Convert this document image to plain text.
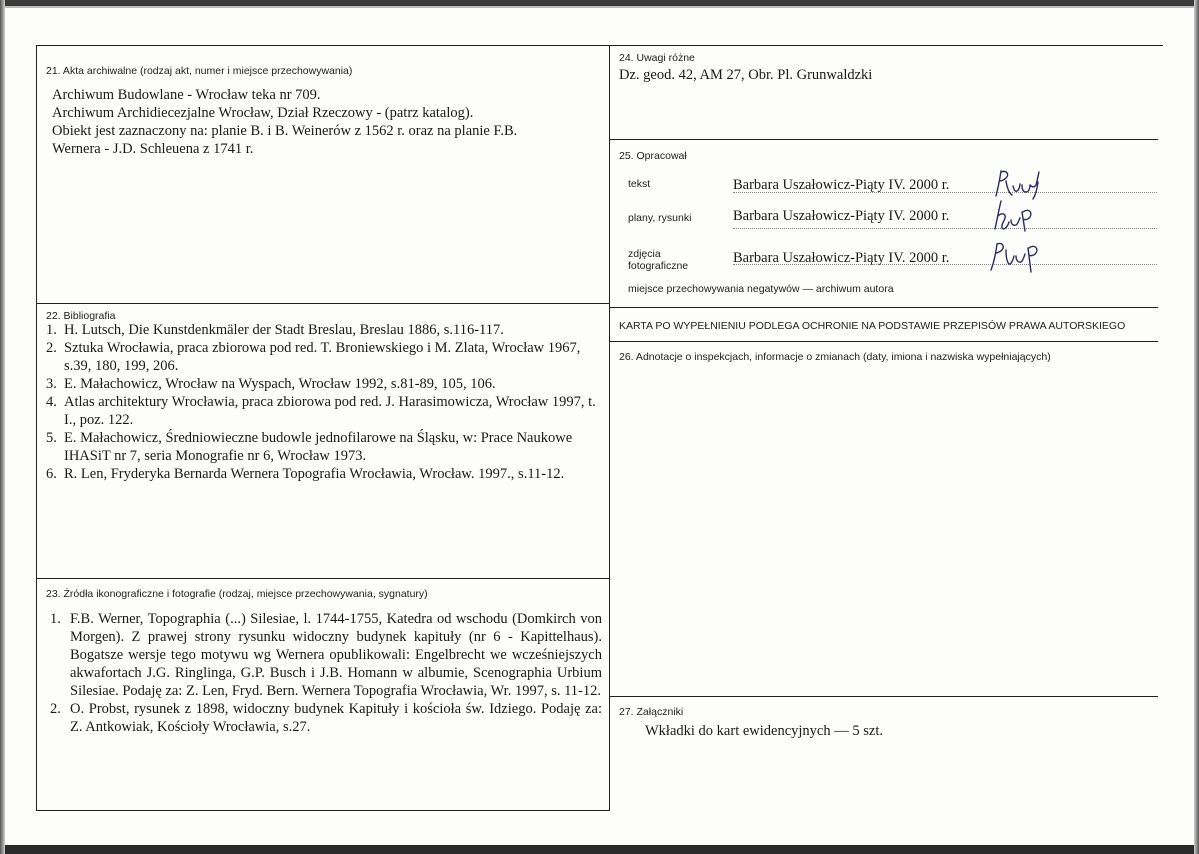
21. Akta archiwalne (rodzaj akt, numer i miejsce przechowywania)
Archiwum Budowlane - Wrocław teka nr 709.
Archiwum Archidiecezjalne Wrocław, Dział Rzeczowy - (patrz katalog).
Obiekt jest zaznaczony na: planie B. i B. Weinerów z 1562 r. oraz na planie F.B.
Wernera - J.D. Schleuena z 1741 r.
22. Bibliografia
1. H. Lutsch, Die Kunstdenkmäler der Stadt Breslau, Breslau 1886, s.116-117.
2. Sztuka Wrocławia, praca zbiorowa pod red. T. Broniewskiego i M. Zlata, Wrocław 1967, s.39, 180, 199, 206.
3. E. Małachowicz, Wrocław na Wyspach, Wrocław 1992, s.81-89, 105, 106.
4. Atlas architektury Wrocławia, praca zbiorowa pod red. J. Harasimowicza, Wrocław 1997, t. I., poz. 122.
5. E. Małachowicz, Średniowieczne budowle jednofilarowe na Śląsku, w: Prace Naukowe IHASiT nr 7, seria Monografie nr 6, Wrocław 1973.
6. R. Len, Fryderyka Bernarda Wernera Topografia Wrocławia, Wrocław. 1997., s.11-12.
23. Źródła ikonograficzne i fotografie (rodzaj, miejsce przechowywania, sygnatury)
1. F.B. Werner, Topographia (...) Silesiae, l. 1744-1755, Katedra od wschodu (Domkirch von Morgen). Z prawej strony rysunku widoczny budynek kapituły (nr 6 - Kapittelhaus). Bogatsze wersje tego motywu wg Wernera opublikowali: Engelbrecht we wcześniejszych akwafortach J.G. Ringlinga, G.P. Busch i J.B. Homann w albumie, Scenographia Urbium Silesiae. Podaję za: Z. Len, Fryd. Bern. Wernera Topografia Wrocławia, Wr. 1997, s. 11-12.
2. O. Probst, rysunek z 1898, widoczny budynek Kapituły i kościoła św. Idziego. Podaję za: Z. Antkowiak, Kościoły Wrocławia, s.27.
24. Uwagi różne
Dz. geod. 42, AM 27, Obr. Pl. Grunwaldzki
25. Opracował
tekst	Barbara Uszałowicz-Piąty IV. 2000 r.
plany, rysunki	Barbara Uszałowicz-Piąty IV. 2000 r.
zdjęcia
fotograficzne	Barbara Uszałowicz-Piąty IV. 2000 r.
miejsce przechowywania negatywów — archiwum autora
KARTA PO WYPEŁNIENIU PODLEGA OCHRONIE NA PODSTAWIE PRZEPISÓW PRAWA AUTORSKIEGO
26. Adnotacje o inspekcjach, informacje o zmianach (daty, imiona i nazwiska wypełniających)
27. Załączniki
Wkładki do kart ewidencyjnych — 5 szt.
